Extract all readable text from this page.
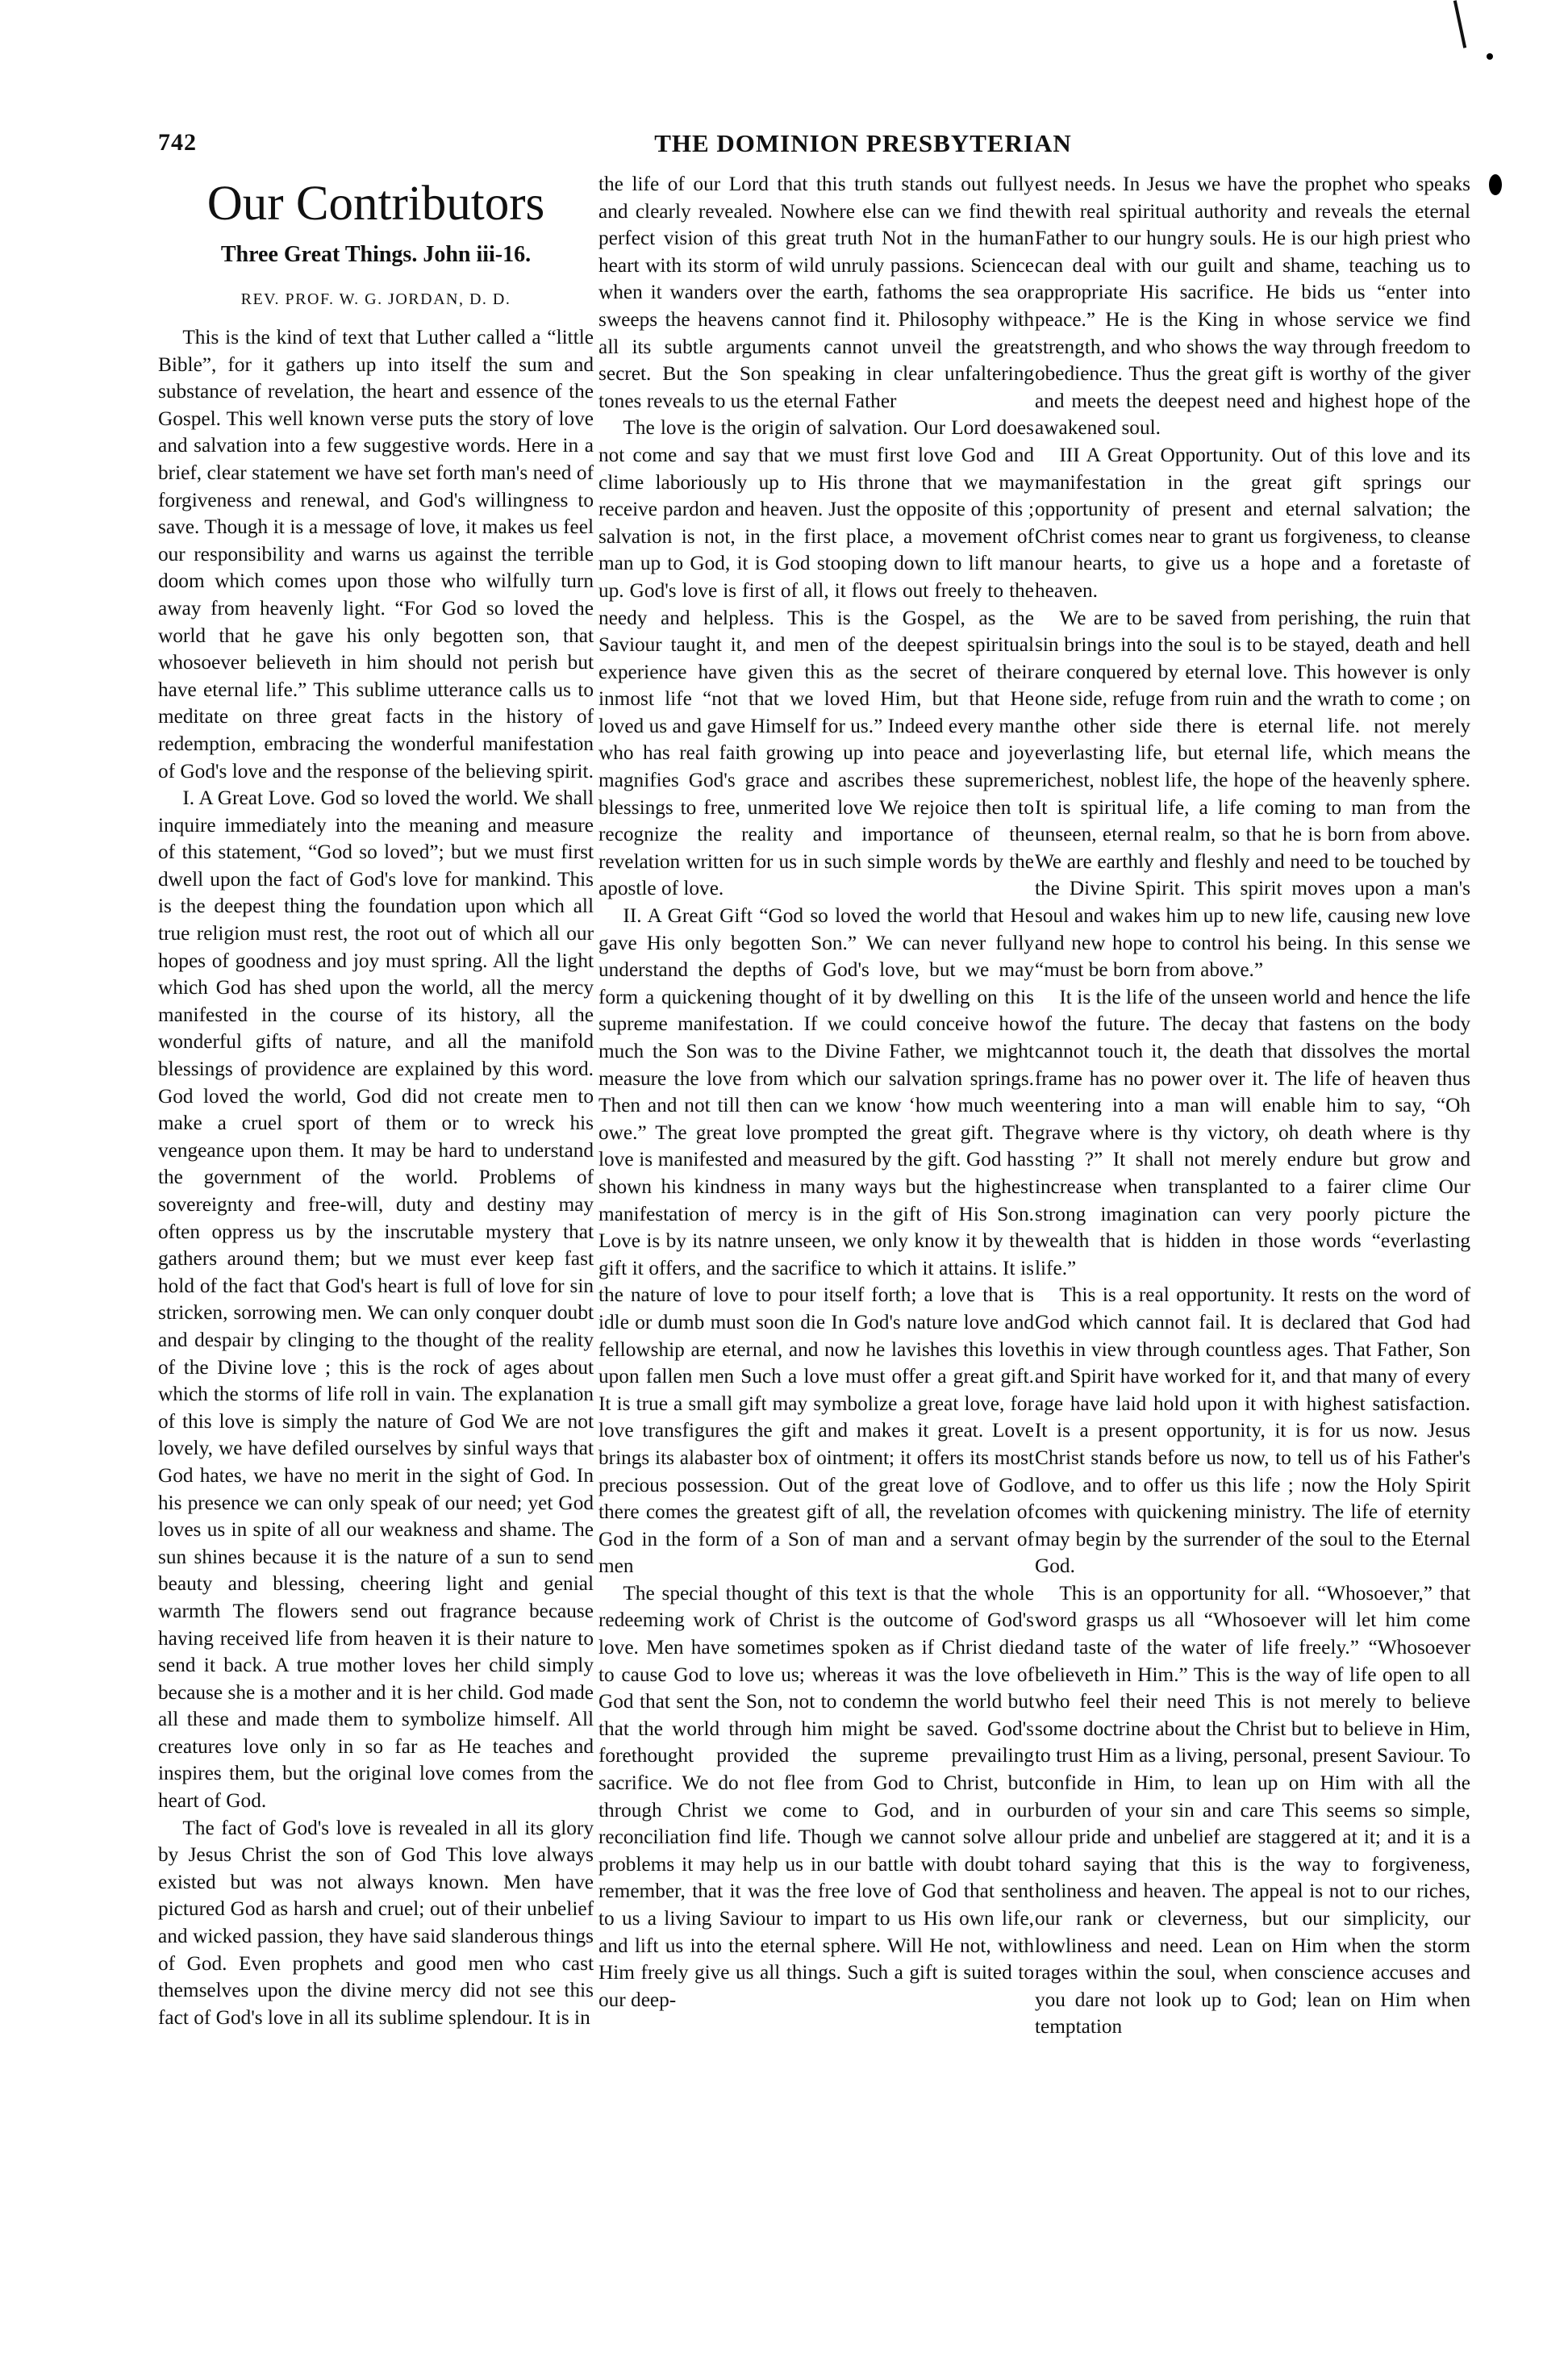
742	THE DOMINION PRESBYTERIAN
Our Contributors
Three Great Things. John iii-16.
REV. PROF. W. G. JORDAN, D. D.

This is the kind of text that Luther called a “little Bible”, for it gathers up into itself the sum and substance of revelation, the heart and essence of the Gospel. This well known verse puts the story of love and salvation into a few suggestive words. Here in a brief, clear statement we have set forth man's need of forgiveness and renewal, and God's willingness to save. Though it is a message of love, it makes us feel our responsibility and warns us against the terrible doom which comes upon those who wilfully turn away from heavenly light. “For God so loved the world that he gave his only begotten son, that whosoever believeth in him should not perish but have eternal life.” This sublime utterance calls us to meditate on three great facts in the history of redemption, embracing the wonderful manifestation of God's love and the response of the believing spirit.

I. A Great Love. God so loved the world. We shall inquire immediately into the meaning and measure of this statement, “God so loved”; but we must first dwell upon the fact of God's love for mankind. This is the deepest thing the foundation upon which all true religion must rest, the root out of which all our hopes of goodness and joy must spring. All the light which God has shed upon the world, all the mercy manifested in the course of its history, all the wonderful gifts of nature, and all the manifold blessings of providence are explained by this word. God loved the world, God did not create men to make a cruel sport of them or to wreck his vengeance upon them. It may be hard to understand the government of the world. Problems of sovereignty and free-will, duty and destiny may often oppress us by the inscrutable mystery that gathers around them; but we must ever keep fast hold of the fact that God's heart is full of love for sin stricken, sorrowing men. We can only conquer doubt and despair by clinging to the thought of the reality of the Divine love ; this is the rock of ages about which the storms of life roll in vain. The explanation of this love is simply the nature of God We are not lovely, we have defiled ourselves by sinful ways that God hates, we have no merit in the sight of God. In his presence we can only speak of our need; yet God loves us in spite of all our weakness and shame. The sun shines because it is the nature of a sun to send beauty and blessing, cheering light and genial warmth The flowers send out fragrance because having received life from heaven it is their nature to send it back. A true mother loves her child simply because she is a mother and it is her child. God made all these and made them to symbolize himself. All creatures love only in so far as He teaches and inspires them, but the original love comes from the heart of God.

The fact of God's love is revealed in all its glory by Jesus Christ the son of God This love always existed but was not always known. Men have pictured God as harsh and cruel; out of their unbelief and wicked passion, they have said slanderous things of God. Even prophets and good men who cast themselves upon the divine mercy did not see this fact of God's love in all its sublime splendour. It is in

the life of our Lord that this truth stands out fully and clearly revealed. Nowhere else can we find the perfect vision of this great truth Not in the human heart with its storm of wild unruly passions. Science when it wanders over the earth, fathoms the sea or sweeps the heavens cannot find it. Philosophy with all its subtle arguments cannot unveil the great secret. But the Son speaking in clear unfaltering tones reveals to us the eternal Father

The love is the origin of salvation. Our Lord does not come and say that we must first love God and clime laboriously up to His throne that we may receive pardon and heaven. Just the opposite of this ; salvation is not, in the first place, a movement of man up to God, it is God stooping down to lift man up. God's love is first of all, it flows out freely to the needy and helpless. This is the Gospel, as the Saviour taught it, and men of the deepest spiritual experience have given this as the secret of their inmost life “not that we loved Him, but that He loved us and gave Himself for us.” Indeed every man who has real faith growing up into peace and joy magnifies God's grace and ascribes these supreme blessings to free, unmerited love We rejoice then to recognize the reality and importance of the revelation written for us in such simple words by the apostle of love.

II. A Great Gift “God so loved the world that He gave His only begotten Son.” We can never fully understand the depths of God's love, but we may form a quickening thought of it by dwelling on this supreme manifestation. If we could conceive how much the Son was to the Divine Father, we might measure the love from which our salvation springs. Then and not till then can we know ‘how much we owe.” The great love prompted the great gift. The love is manifested and measured by the gift. God has shown his kindness in many ways but the highest manifestation of mercy is in the gift of His Son. Love is by its natnre unseen, we only know it by the gift it offers, and the sacrifice to which it attains. It is the nature of love to pour itself forth; a love that is idle or dumb must soon die In God's nature love and fellowship are eternal, and now he lavishes this love upon fallen men Such a love must offer a great gift. It is true a small gift may symbolize a great love, for love transfigures the gift and makes it great. Love brings its alabaster box of ointment; it offers its most precious possession. Out of the great love of God there comes the greatest gift of all, the revelation of God in the form of a Son of man and a servant of men

The special thought of this text is that the whole redeeming work of Christ is the outcome of God's love. Men have sometimes spoken as if Christ died to cause God to love us; whereas it was the love of God that sent the Son, not to condemn the world but that the world through him might be saved. God's forethought provided the supreme prevailing sacrifice. We do not flee from God to Christ, but through Christ we come to God, and in our reconciliation find life. Though we cannot solve all problems it may help us in our battle with doubt to remember, that it was the free love of God that sent to us a living Saviour to impart to us His own life, and lift us into the eternal sphere. Will He not, with Him freely give us all things. Such a gift is suited to our deep-

est needs. In Jesus we have the prophet who speaks with real spiritual authority and reveals the eternal Father to our hungry souls. He is our high priest who can deal with our guilt and shame, teaching us to appropriate His sacrifice. He bids us “enter into peace.” He is the King in whose service we find strength, and who shows the way through freedom to obedience. Thus the great gift is worthy of the giver and meets the deepest need and highest hope of the awakened soul.

III A Great Opportunity. Out of this love and its manifestation in the great gift springs our opportunity of present and eternal salvation; the Christ comes near to grant us forgiveness, to cleanse our hearts, to give us a hope and a foretaste of heaven.

We are to be saved from perishing, the ruin that sin brings into the soul is to be stayed, death and hell are conquered by eternal love. This however is only one side, refuge from ruin and the wrath to come ; on the other side there is eternal life. not merely everlasting life, but eternal life, which means the richest, noblest life, the hope of the heavenly sphere. It is spiritual life, a life coming to man from the unseen, eternal realm, so that he is born from above. We are earthly and fleshly and need to be touched by the Divine Spirit. This spirit moves upon a man's soul and wakes him up to new life, causing new love and new hope to control his being. In this sense we “must be born from above.”

It is the life of the unseen world and hence the life of the future. The decay that fastens on the body cannot touch it, the death that dissolves the mortal frame has no power over it. The life of heaven thus entering into a man will enable him to say, “Oh grave where is thy victory, oh death where is thy sting ?” It shall not merely endure but grow and increase when transplanted to a fairer clime Our strong imagination can very poorly picture the wealth that is hidden in those words “everlasting life.”

This is a real opportunity. It rests on the word of God which cannot fail. It is declared that God had this in view through countless ages. That Father, Son and Spirit have worked for it, and that many of every age have laid hold upon it with highest satisfaction. It is a present opportunity, it is for us now. Jesus Christ stands before us now, to tell us of his Father's love, and to offer us this life ; now the Holy Spirit comes with quickening ministry. The life of eternity may begin by the surrender of the soul to the Eternal God.

This is an opportunity for all. “Whosoever,” that word grasps us all “Whosoever will let him come and taste of the water of life freely.” “Whosoever believeth in Him.” This is the way of life open to all who feel their need This is not merely to believe some doctrine about the Christ but to believe in Him, to trust Him as a living, personal, present Saviour. To confide in Him, to lean up on Him with all the burden of your sin and care This seems so simple, our pride and unbelief are staggered at it; and it is a hard saying that this is the way to forgiveness, holiness and heaven. The appeal is not to our riches, our rank or cleverness, but our simplicity, our lowliness and need. Lean on Him when the storm rages within the soul, when conscience accuses and you dare not look up to God; lean on Him when temptation
